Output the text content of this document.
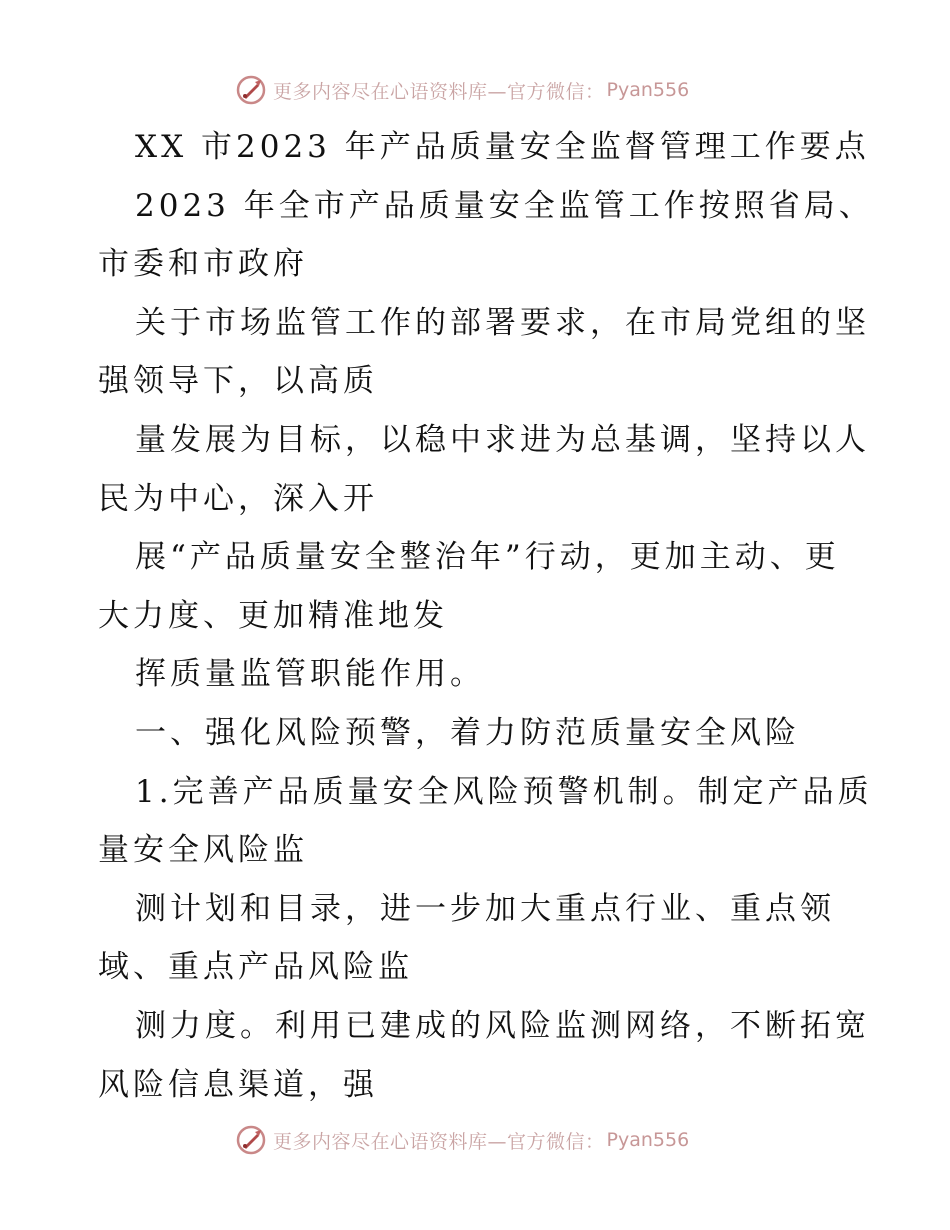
更多内容尽在心语资料库—官方微信： Pyan556
XX 市2023 年产品质量安全监督管理工作要点
2023 年全市产品质量安全监管工作按照省局、
市委和市政府
关于市场监管工作的部署要求，在市局党组的坚
强领导下，以高质
量发展为目标，以稳中求进为总基调，坚持以人
民为中心，深入开
展“产品质量安全整治年”行动，更加主动、更
大力度、更加精准地发
挥质量监管职能作用。
一、强化风险预警，着力防范质量安全风险
1.完善产品质量安全风险预警机制。制定产品质
量安全风险监
测计划和目录，进一步加大重点行业、重点领
域、重点产品风险监
测力度。利用已建成的风险监测网络，不断拓宽
风险信息渠道，强
更多内容尽在心语资料库—官方微信： Pyan556
